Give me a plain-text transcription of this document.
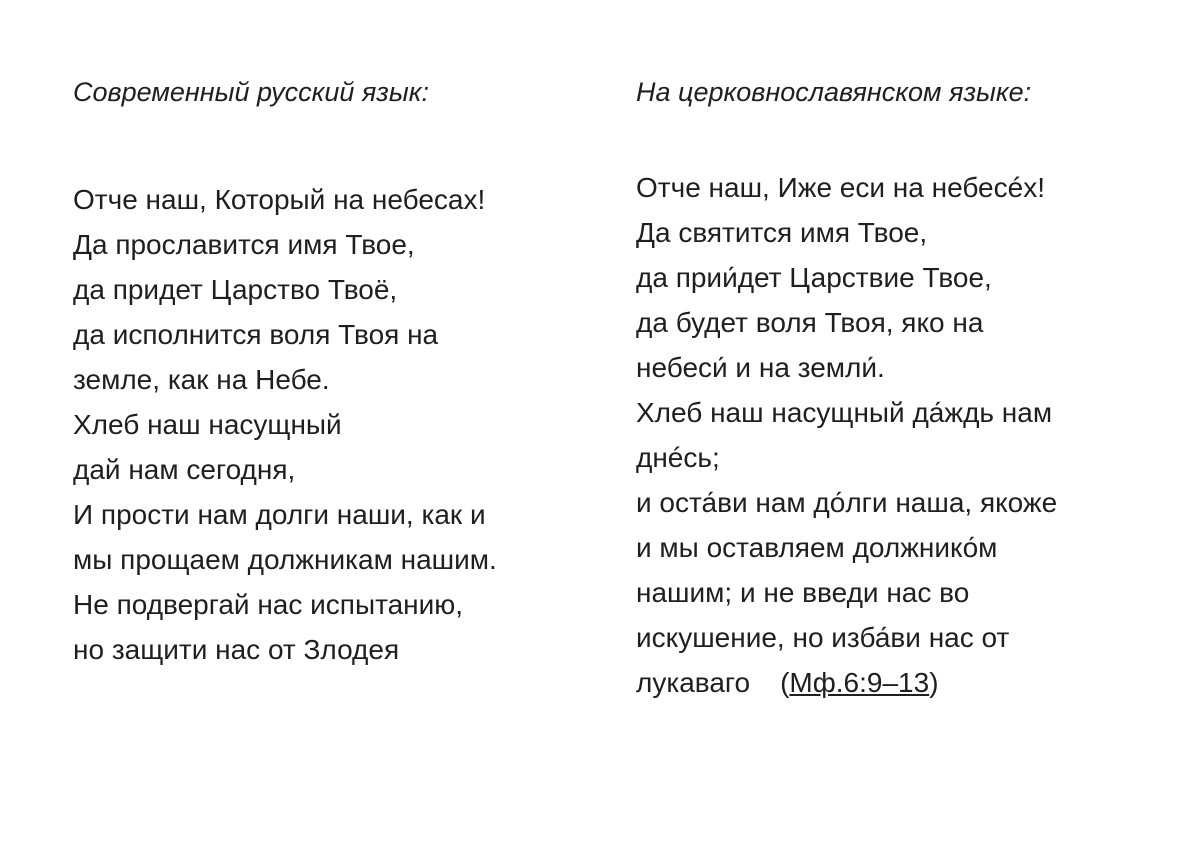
Современный русский язык:
Отче наш, Который на небесах!
Да прославится имя Твое,
да придет Царство Твоё,
да исполнится воля Твоя на
земле, как на Небе.
Хлеб наш насущный
дай нам сегодня,
И прости нам долги наши, как и
мы прощаем должникам нашим.
Не подвергай нас испытанию,
но защити нас от Злодея
На церковнославянском языке:
Отче наш, Иже еси на небесéх!
Да святится имя Твое,
да прии́дет Царствие Твое,
да будет воля Твоя, яко на
небеси́ и на земли́.
Хлеб наш насущный да́ждь нам
днéсь;
и оста́ви нам до́лги наша, якоже
и мы оставляем должнико́м
нашим; и не введи нас во
искушение, но изба́ви нас от
лукаваго (Мф.6:9–13)
